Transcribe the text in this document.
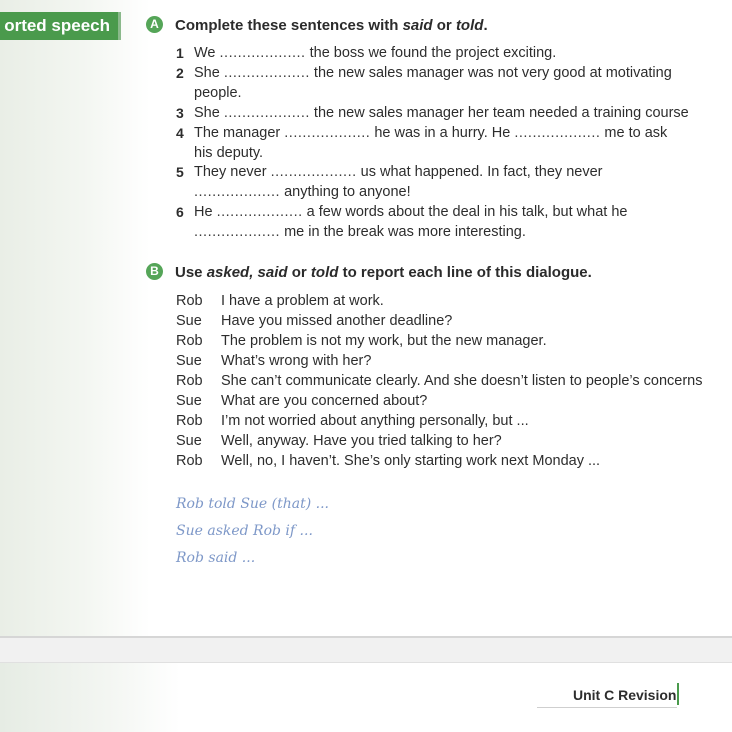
orted speech	A Complete these sentences with said or told.
1 We ................... the boss we found the project exciting.
2 She ................... the new sales manager was not very good at motivating
people.
3 She ................... the new sales manager her team needed a training course
4 The manager ................... he was in a hurry. He ................... me to ask
his deputy.
5 They never ................... us what happened. In fact, they never
................... anything to anyone!
6 He ................... a few words about the deal in his talk, but what he
................... me in the break was more interesting.
B Use asked, said or told to report each line of this dialogue.
Rob I have a problem at work.
Sue Have you missed another deadline?
Rob The problem is not my work, but the new manager.
Sue What’s wrong with her?
Rob She can’t communicate clearly. And she doesn’t listen to people’s concerns
Sue What are you concerned about?
Rob I’m not worried about anything personally, but ...
Sue Well, anyway. Have you tried talking to her?
Rob Well, no, I haven’t. She’s only starting work next Monday ...
Rob told Sue (that) ...
Sue asked Rob if ...
Rob said ...
Unit C Revision
